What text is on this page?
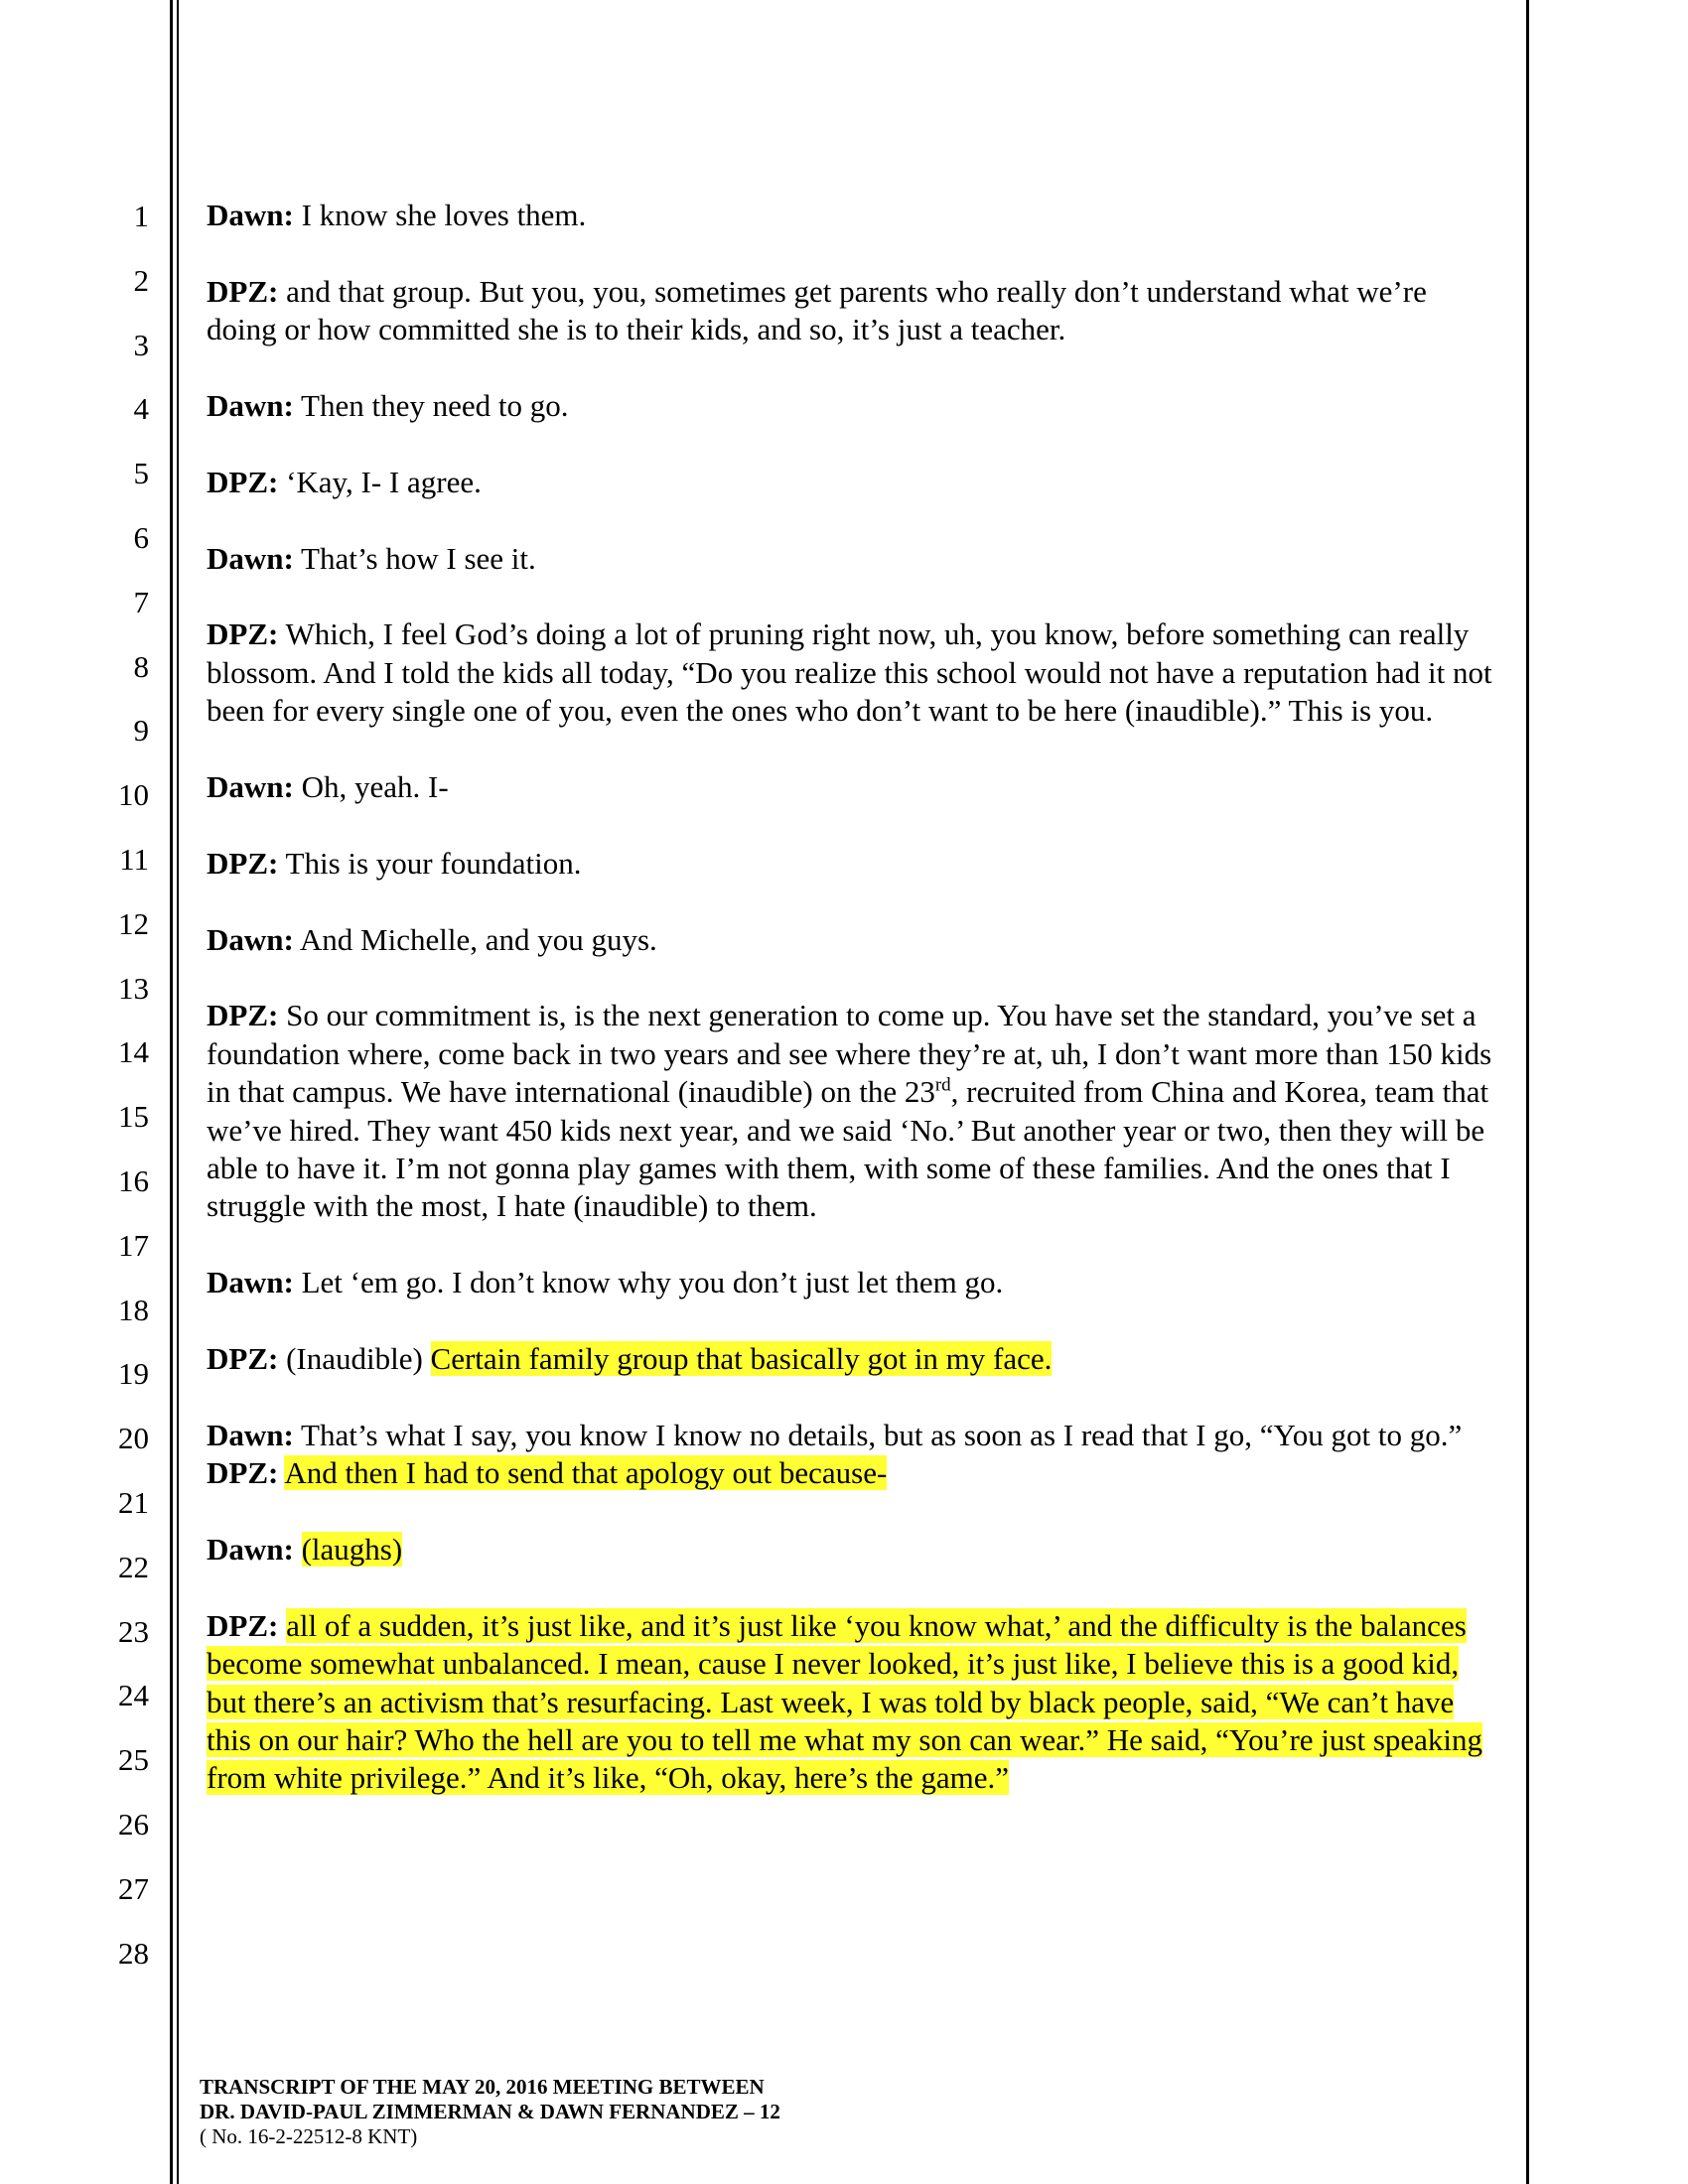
1
2
3
4
5
6
7
8
9
10
11
12
13
14
15
16
17
18
19
20
21
22
23
24
25
26
27
28

Dawn: I know she loves them.

DPZ: and that group. But you, you, sometimes get parents who really don’t understand what we’re doing or how committed she is to their kids, and so, it’s just a teacher.

Dawn: Then they need to go.

DPZ: ‘Kay, I- I agree.

Dawn: That’s how I see it.

DPZ: Which, I feel God’s doing a lot of pruning right now, uh, you know, before something can really blossom. And I told the kids all today, “Do you realize this school would not have a reputation had it not been for every single one of you, even the ones who don’t want to be here (inaudible).” This is you.

Dawn: Oh, yeah. I-

DPZ: This is your foundation.

Dawn: And Michelle, and you guys.

DPZ: So our commitment is, is the next generation to come up. You have set the standard, you’ve set a foundation where, come back in two years and see where they’re at, uh, I don’t want more than 150 kids in that campus. We have international (inaudible) on the 23rd, recruited from China and Korea, team that we’ve hired. They want 450 kids next year, and we said ‘No.’ But another year or two, then they will be able to have it. I’m not gonna play games with them, with some of these families. And the ones that I struggle with the most, I hate (inaudible) to them.

Dawn: Let ‘em go. I don’t know why you don’t just let them go.

DPZ: (Inaudible) Certain family group that basically got in my face.

Dawn: That’s what I say, you know I know no details, but as soon as I read that I go, “You got to go.”

DPZ: And then I had to send that apology out because-

Dawn: (laughs)

DPZ: all of a sudden, it’s just like, and it’s just like ‘you know what,’ and the difficulty is the balances become somewhat unbalanced. I mean, cause I never looked, it’s just like, I believe this is a good kid, but there’s an activism that’s resurfacing. Last week, I was told by black people, said, “We can’t have this on our hair? Who the hell are you to tell me what my son can wear.” He said, “You’re just speaking from white privilege.” And it’s like, “Oh, okay, here’s the game.”

TRANSCRIPT OF THE MAY 20, 2016 MEETING BETWEEN
DR. DAVID-PAUL ZIMMERMAN & DAWN FERNANDEZ – 12
( No. 16-2-22512-8 KNT)
